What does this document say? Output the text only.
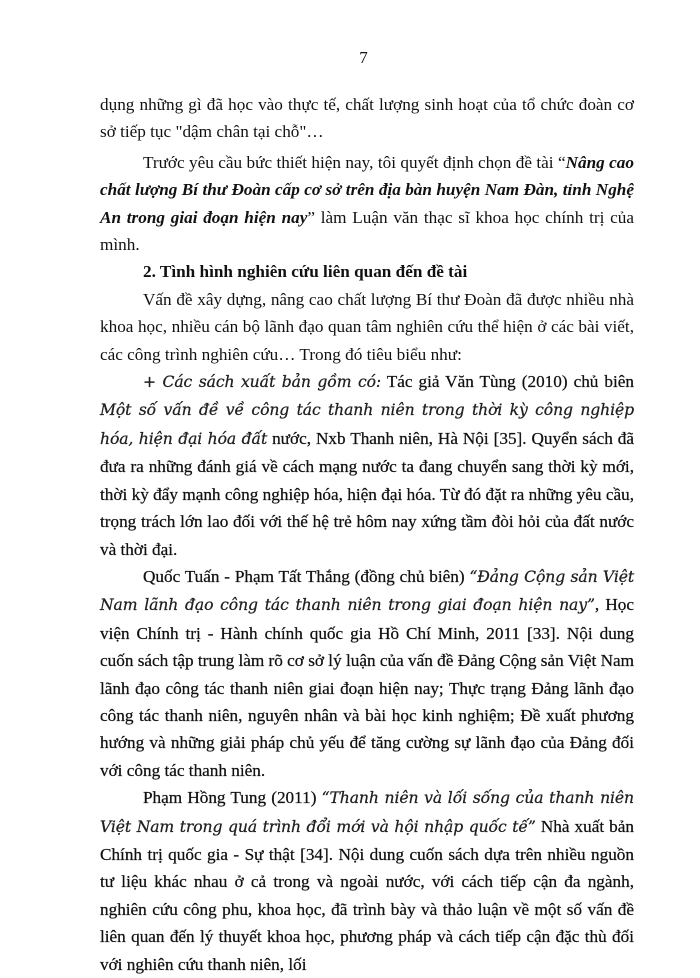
7

dụng những gì đã học vào thực tế, chất lượng sinh hoạt của tổ chức đoàn cơ sở tiếp tục "dậm chân tại chỗ"…

Trước yêu cầu bức thiết hiện nay, tôi quyết định chọn đề tài “Nâng cao chất lượng Bí thư Đoàn cấp cơ sở trên địa bàn huyện Nam Đàn, tỉnh Nghệ An trong giai đoạn hiện nay” làm Luận văn thạc sĩ khoa học chính trị của mình.

2. Tình hình nghiên cứu liên quan đến đề tài

Vấn đề xây dựng, nâng cao chất lượng Bí thư Đoàn đã được nhiều nhà khoa học, nhiều cán bộ lãnh đạo quan tâm nghiên cứu thể hiện ở các bài viết, các công trình nghiên cứu… Trong đó tiêu biểu như:

+ Các sách xuất bản gồm có: Tác giả Văn Tùng (2010) chủ biên Một số vấn đề về công tác thanh niên trong thời kỳ công nghiệp hóa, hiện đại hóa đất nước, Nxb Thanh niên, Hà Nội [35]. Quyển sách đã đưa ra những đánh giá về cách mạng nước ta đang chuyển sang thời kỳ mới, thời kỳ đẩy mạnh công nghiệp hóa, hiện đại hóa. Từ đó đặt ra những yêu cầu, trọng trách lớn lao đối với thế hệ trẻ hôm nay xứng tầm đòi hỏi của đất nước và thời đại.

Quốc Tuấn - Phạm Tất Thắng (đồng chủ biên) “Đảng Cộng sản Việt Nam lãnh đạo công tác thanh niên trong giai đoạn hiện nay”, Học viện Chính trị - Hành chính quốc gia Hồ Chí Minh, 2011 [33]. Nội dung cuốn sách tập trung làm rõ cơ sở lý luận của vấn đề Đảng Cộng sản Việt Nam lãnh đạo công tác thanh niên giai đoạn hiện nay; Thực trạng Đảng lãnh đạo công tác thanh niên, nguyên nhân và bài học kinh nghiệm; Đề xuất phương hướng và những giải pháp chủ yếu để tăng cường sự lãnh đạo của Đảng đối với công tác thanh niên.

Phạm Hồng Tung (2011) “Thanh niên và lối sống của thanh niên Việt Nam trong quá trình đổi mới và hội nhập quốc tế” Nhà xuất bản Chính trị quốc gia - Sự thật [34]. Nội dung cuốn sách dựa trên nhiều nguồn tư liệu khác nhau ở cả trong và ngoài nước, với cách tiếp cận đa ngành, nghiên cứu công phu, khoa học, đã trình bày và thảo luận về một số vấn đề liên quan đến lý thuyết khoa học, phương pháp và cách tiếp cận đặc thù đối với nghiên cứu thanh niên, lối
